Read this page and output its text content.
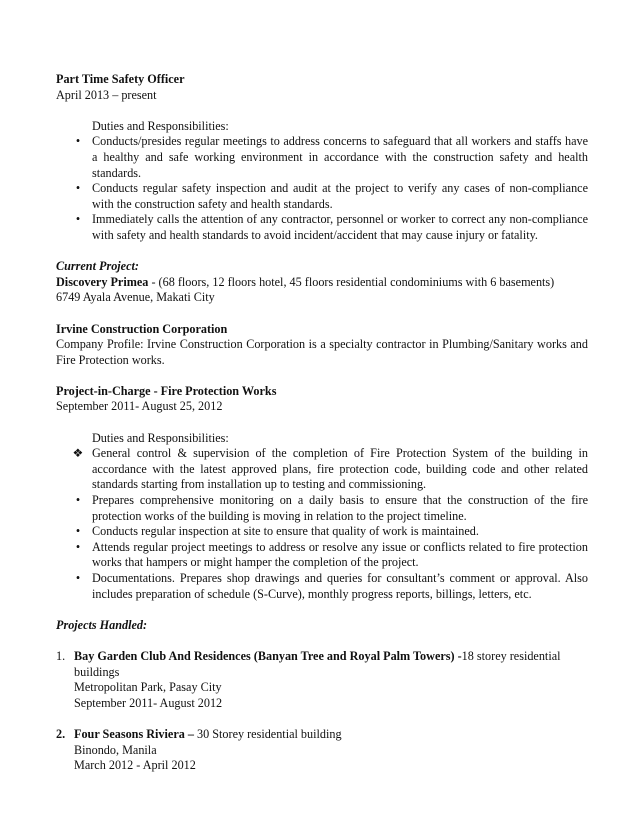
Part Time Safety Officer
April 2013 – present
Duties and Responsibilities:
• Conducts/presides regular meetings to address concerns to safeguard that all workers and staffs have a healthy and safe working environment in accordance with the construction safety and health standards.
• Conducts regular safety inspection and audit at the project to verify any cases of non-compliance with the construction safety and health standards.
• Immediately calls the attention of any contractor, personnel or worker to correct any non-compliance with safety and health standards to avoid incident/accident that may cause injury or fatality.
Current Project:
Discovery Primea - (68 floors, 12 floors hotel, 45 floors residential condominiums with 6 basements)
6749 Ayala Avenue, Makati City
Irvine Construction Corporation
Company Profile: Irvine Construction Corporation is a specialty contractor in Plumbing/Sanitary works and Fire Protection works.
Project-in-Charge - Fire Protection Works
September 2011- August 25, 2012
Duties and Responsibilities:
❖ General control & supervision of the completion of Fire Protection System of the building in accordance with the latest approved plans, fire protection code, building code and other related standards starting from installation up to testing and commissioning.
• Prepares comprehensive monitoring on a daily basis to ensure that the construction of the fire protection works of the building is moving in relation to the project timeline.
• Conducts regular inspection at site to ensure that quality of work is maintained.
• Attends regular project meetings to address or resolve any issue or conflicts related to fire protection works that hampers or might hamper the completion of the project.
• Documentations. Prepares shop drawings and queries for consultant’s comment or approval. Also includes preparation of schedule (S-Curve), monthly progress reports, billings, letters, etc.
Projects Handled:
1. Bay Garden Club And Residences (Banyan Tree and Royal Palm Towers) -18 storey residential buildings
Metropolitan Park, Pasay City
September 2011- August 2012
2. Four Seasons Riviera – 30 Storey residential building
Binondo, Manila
March 2012 - April 2012
